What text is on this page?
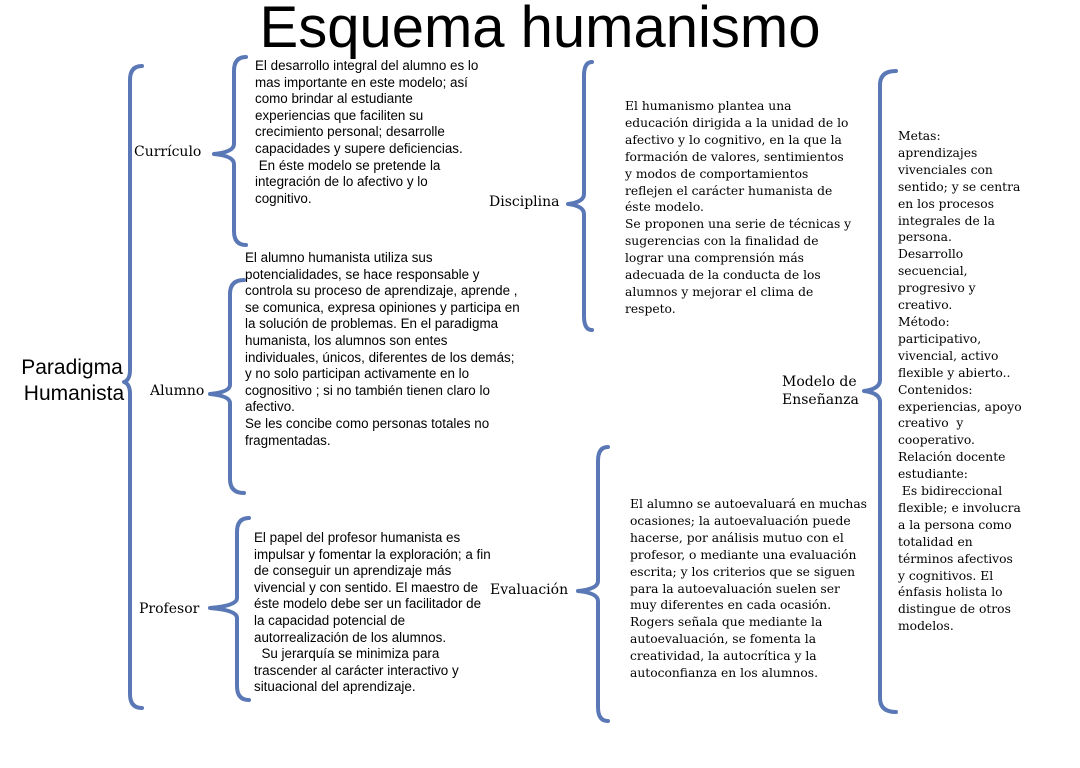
Esquema humanismo
Paradigma
Humanista
Currículo

El desarrollo integral del alumno es lo mas importante en este modelo; así como brindar al estudiante experiencias que faciliten su crecimiento personal; desarrolle capacidades y supere deficiencias.

En éste modelo se pretende la integración de lo afectivo y lo cognitivo.

Alumno

El alumno humanista utiliza sus potencialidades, se hace responsable y controla su proceso de aprendizaje, aprende , se comunica, expresa opiniones y participa en la solución de problemas. En el paradigma humanista, los alumnos son entes individuales, únicos, diferentes de los demás; y no solo participan activamente en lo cognositivo ; si no también tienen claro lo afectivo.

Se les concibe como personas totales no fragmentadas.

Profesor

El papel del profesor humanista es impulsar y fomentar la exploración; a fin de conseguir un aprendizaje más vivencial y con sentido. El maestro de éste modelo debe ser un facilitador de la capacidad potencial de autorrealización de los alumnos.

Su jerarquía se minimiza para trascender al carácter interactivo y situacional del aprendizaje.

Disciplina

El humanismo plantea una educación dirigida a la unidad de lo afectivo y lo cognitivo, en la que la formación de valores, sentimientos y modos de comportamientos  reflejen el carácter humanista de éste modelo.

Se proponen una serie de técnicas y sugerencias con la finalidad de lograr una comprensión más adecuada de la conducta de los alumnos y mejorar el clima de respeto.

Evaluación

El alumno se autoevaluará en muchas ocasiones; la autoevaluación puede hacerse, por análisis mutuo con el profesor, o mediante una evaluación escrita; y los criterios que se siguen para la autoevaluación suelen ser muy diferentes en cada ocasión.

Rogers señala que mediante la autoevaluación, se fomenta la creatividad, la autocrítica y la autoconfianza en los alumnos.

Modelo de
Enseñanza

Metas: aprendizajes vivenciales con sentido; y se centra en los procesos integrales de la persona.

Desarrollo secuencial, progresivo y creativo.

Método: participativo, vivencial, activo flexible y abierto..

Contenidos: experiencias, apoyo creativo  y cooperativo.

Relación docente estudiante:

Es bidireccional flexible; e involucra a la persona como totalidad en términos afectivos y cognitivos. El énfasis holista lo distingue de otros modelos.
